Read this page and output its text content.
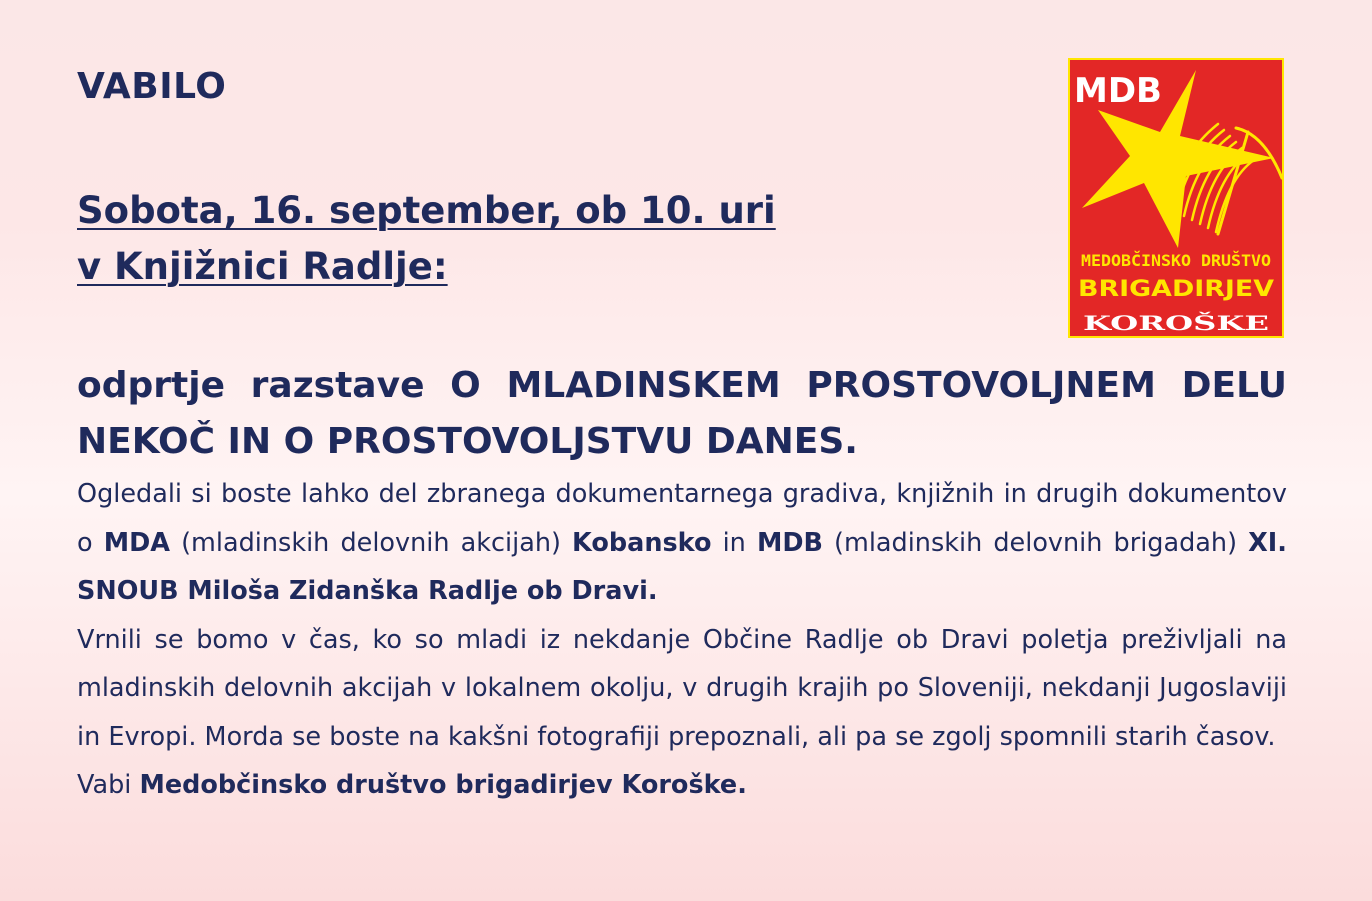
VABILO
Sobota, 16. september, ob 10. uri
v Knjižnici Radlje:
odprtje razstave O MLADINSKEM PROSTOVOLJNEM DELU NEKOČ IN O PROSTOVOLJSTVU DANES.

Ogledali si boste lahko del zbranega dokumentarnega gradiva, knjižnih in drugih dokumentov o MDA (mladinskih delovnih akcijah) Kobansko in MDB (mladinskih delovnih brigadah) XI. SNOUB Miloša Zidanška Radlje ob Dravi.

Vrnili se bomo v čas, ko so mladi iz nekdanje Občine Radlje ob Dravi poletja preživljali na mladinskih delovnih akcijah v lokalnem okolju, v drugih krajih po Sloveniji, nekdanji Jugoslaviji in Evropi. Morda se boste na kakšni fotografiji prepoznali, ali pa se zgolj spomnili starih časov.

Vabi Medobčinsko društvo brigadirjev Koroške.

MDB
MEDOBČINSKO DRUŠTVO
BRIGADIRJEV
KOROŠKE
